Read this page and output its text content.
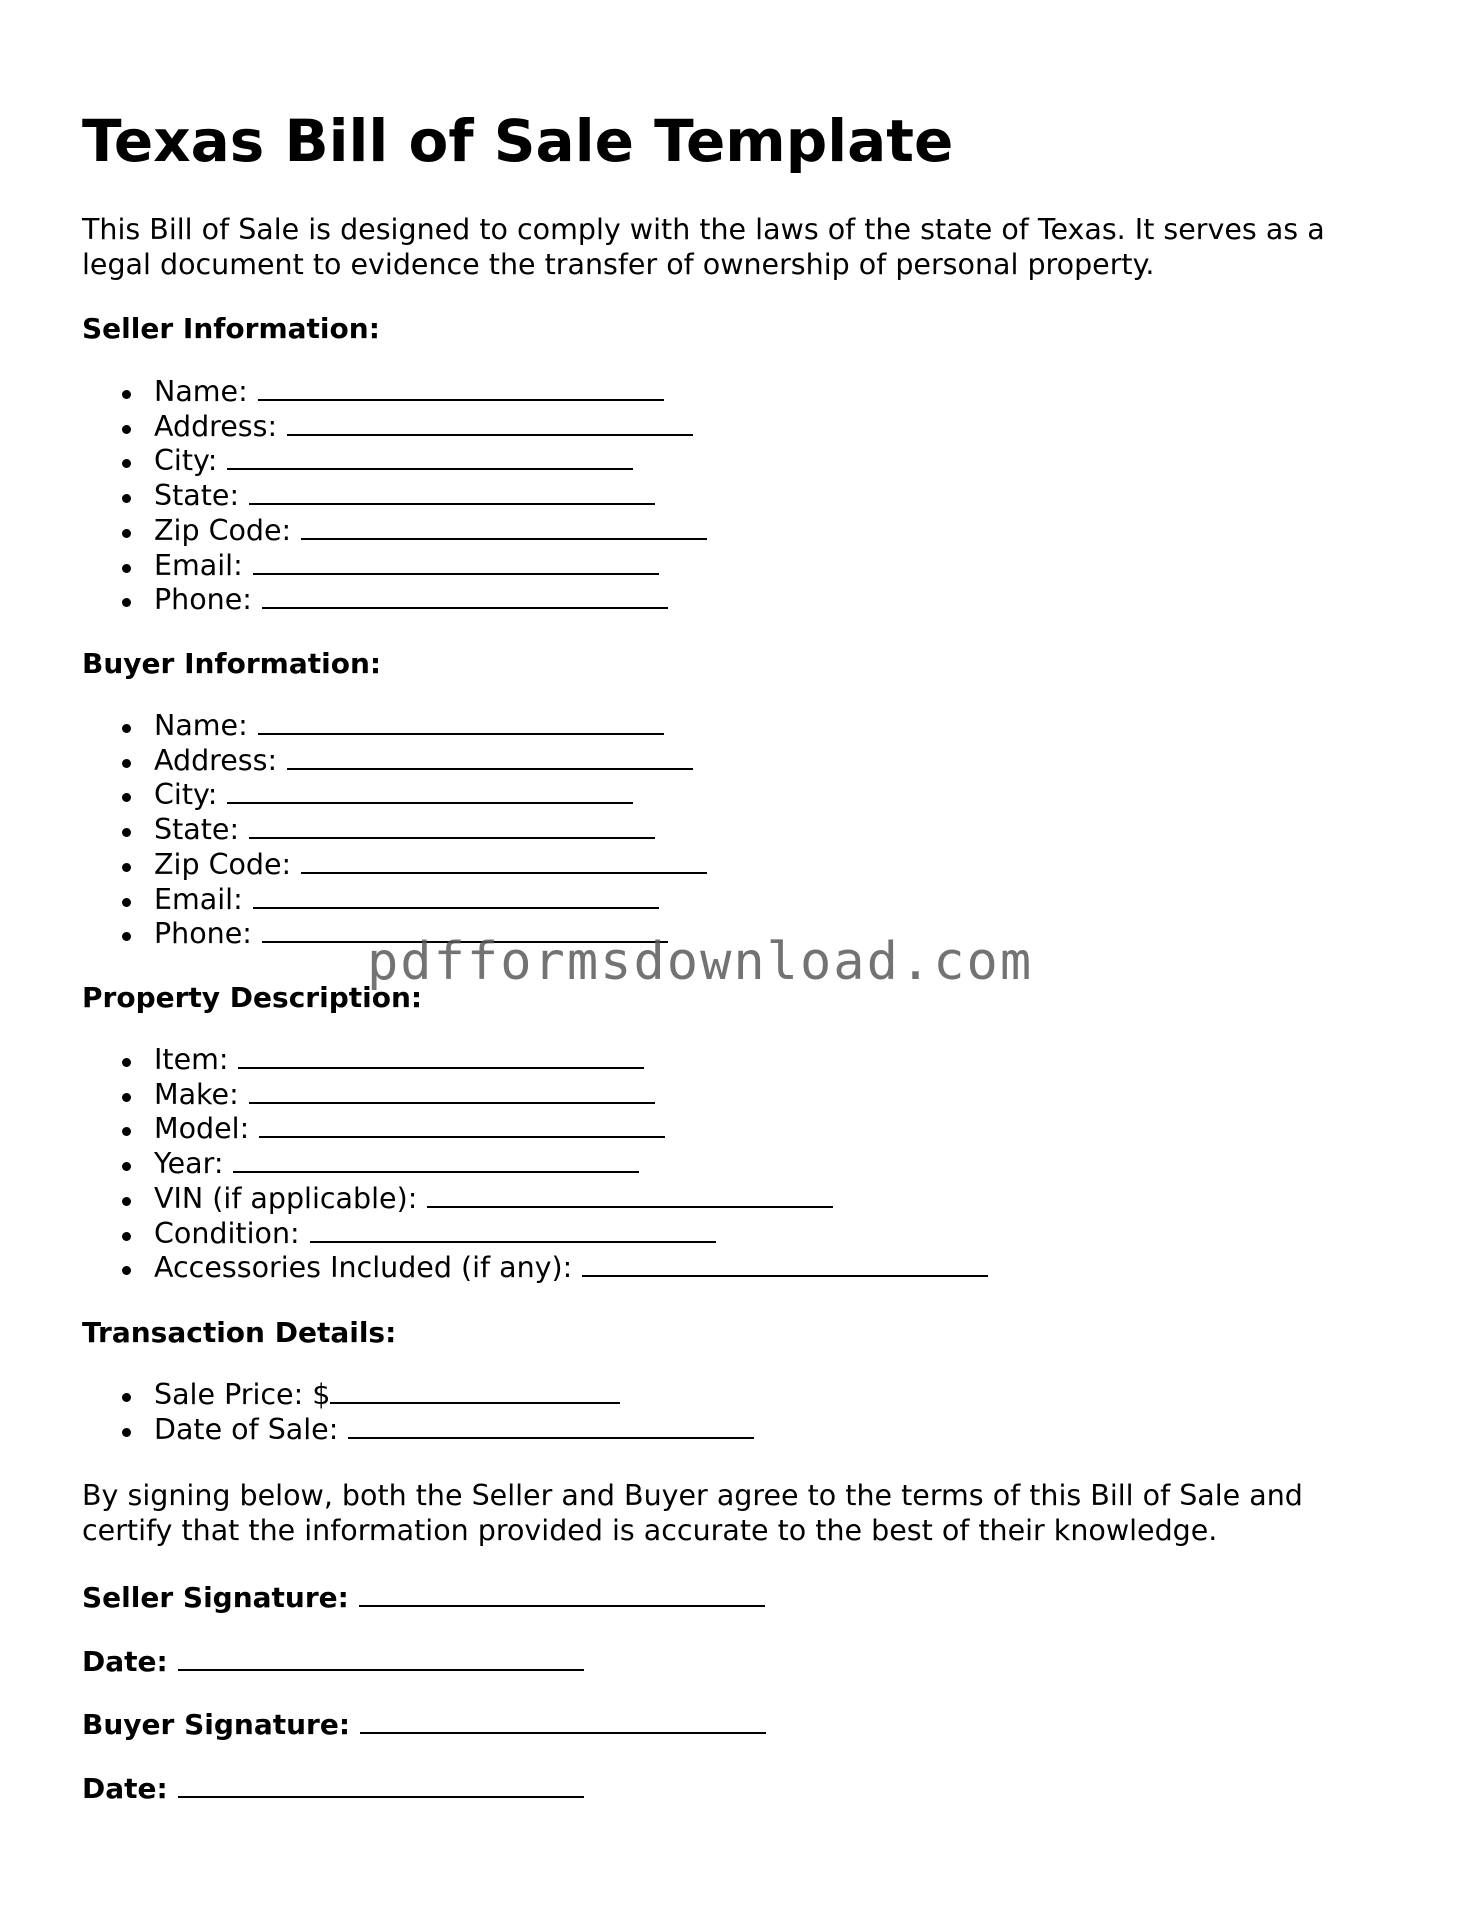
Texas Bill of Sale Template

This Bill of Sale is designed to comply with the laws of the state of Texas. It serves as a legal document to evidence the transfer of ownership of personal property.

Seller Information:
Name:
Address:
City:
State:
Zip Code:
Email:
Phone:
Buyer Information:
Name:
Address:
City:
State:
Zip Code:
Email:
Phone:
Property Description:
Item:
Make:
Model:
Year:
VIN (if applicable):
Condition:
Accessories Included (if any):
Transaction Details:
Sale Price: $
Date of Sale:

By signing below, both the Seller and Buyer agree to the terms of this Bill of Sale and certify that the information provided is accurate to the best of their knowledge.

Seller Signature:
Date:
Buyer Signature:
Date:
pdfformsdownload.com
